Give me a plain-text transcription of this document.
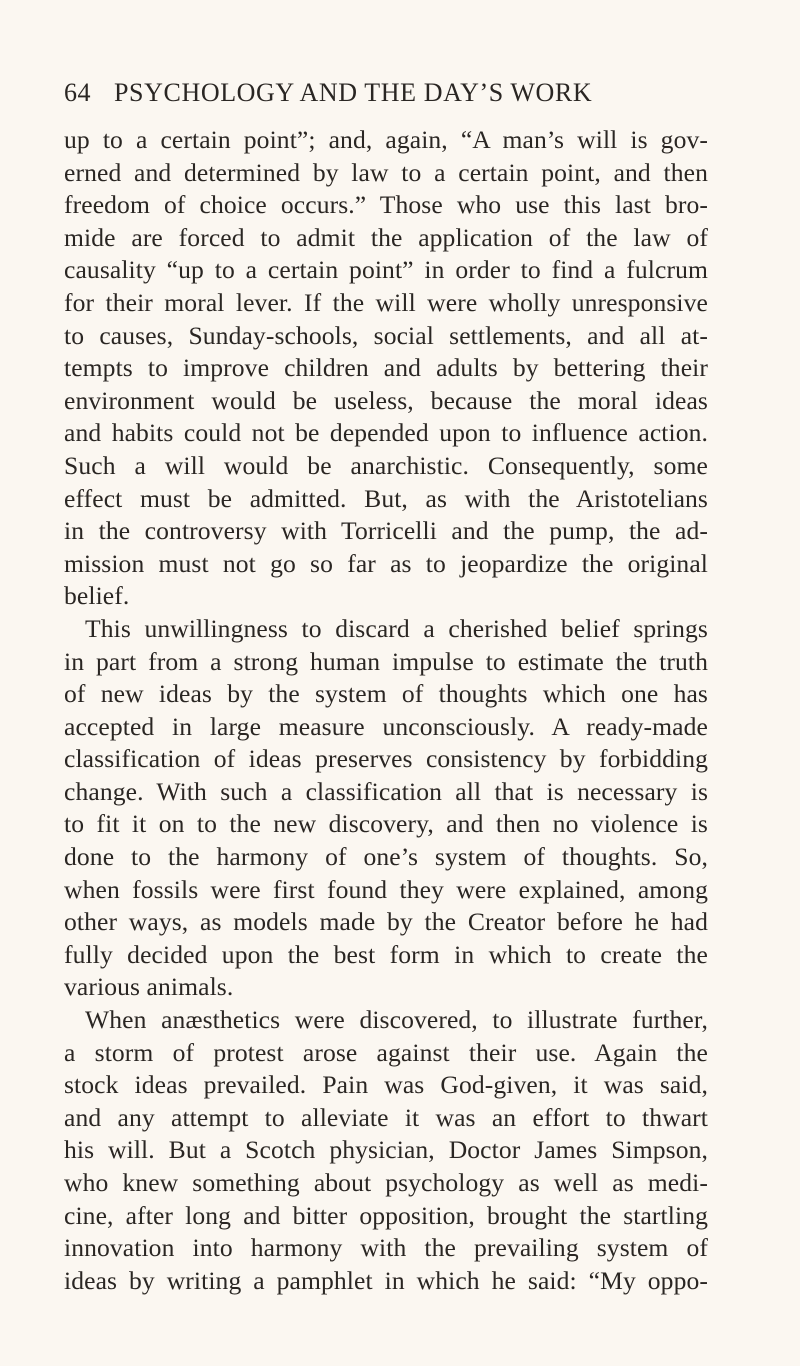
64 PSYCHOLOGY AND THE DAY’S WORK
up to a certain point”; and, again, “A man’s will is gov-
erned and determined by law to a certain point, and then
freedom of choice occurs.” Those who use this last bro-
mide are forced to admit the application of the law of
causality “up to a certain point” in order to find a fulcrum
for their moral lever. If the will were wholly unresponsive
to causes, Sunday-schools, social settlements, and all at-
tempts to improve children and adults by bettering their
environment would be useless, because the moral ideas
and habits could not be depended upon to influence action.
Such a will would be anarchistic. Consequently, some
effect must be admitted. But, as with the Aristotelians
in the controversy with Torricelli and the pump, the ad-
mission must not go so far as to jeopardize the original
belief.
This unwillingness to discard a cherished belief springs
in part from a strong human impulse to estimate the truth
of new ideas by the system of thoughts which one has
accepted in large measure unconsciously. A ready-made
classification of ideas preserves consistency by forbidding
change. With such a classification all that is necessary is
to fit it on to the new discovery, and then no violence is
done to the harmony of one’s system of thoughts. So,
when fossils were first found they were explained, among
other ways, as models made by the Creator before he had
fully decided upon the best form in which to create the
various animals.
When anæsthetics were discovered, to illustrate further,
a storm of protest arose against their use. Again the
stock ideas prevailed. Pain was God-given, it was said,
and any attempt to alleviate it was an effort to thwart
his will. But a Scotch physician, Doctor James Simpson,
who knew something about psychology as well as medi-
cine, after long and bitter opposition, brought the startling
innovation into harmony with the prevailing system of
ideas by writing a pamphlet in which he said: “My oppo-
